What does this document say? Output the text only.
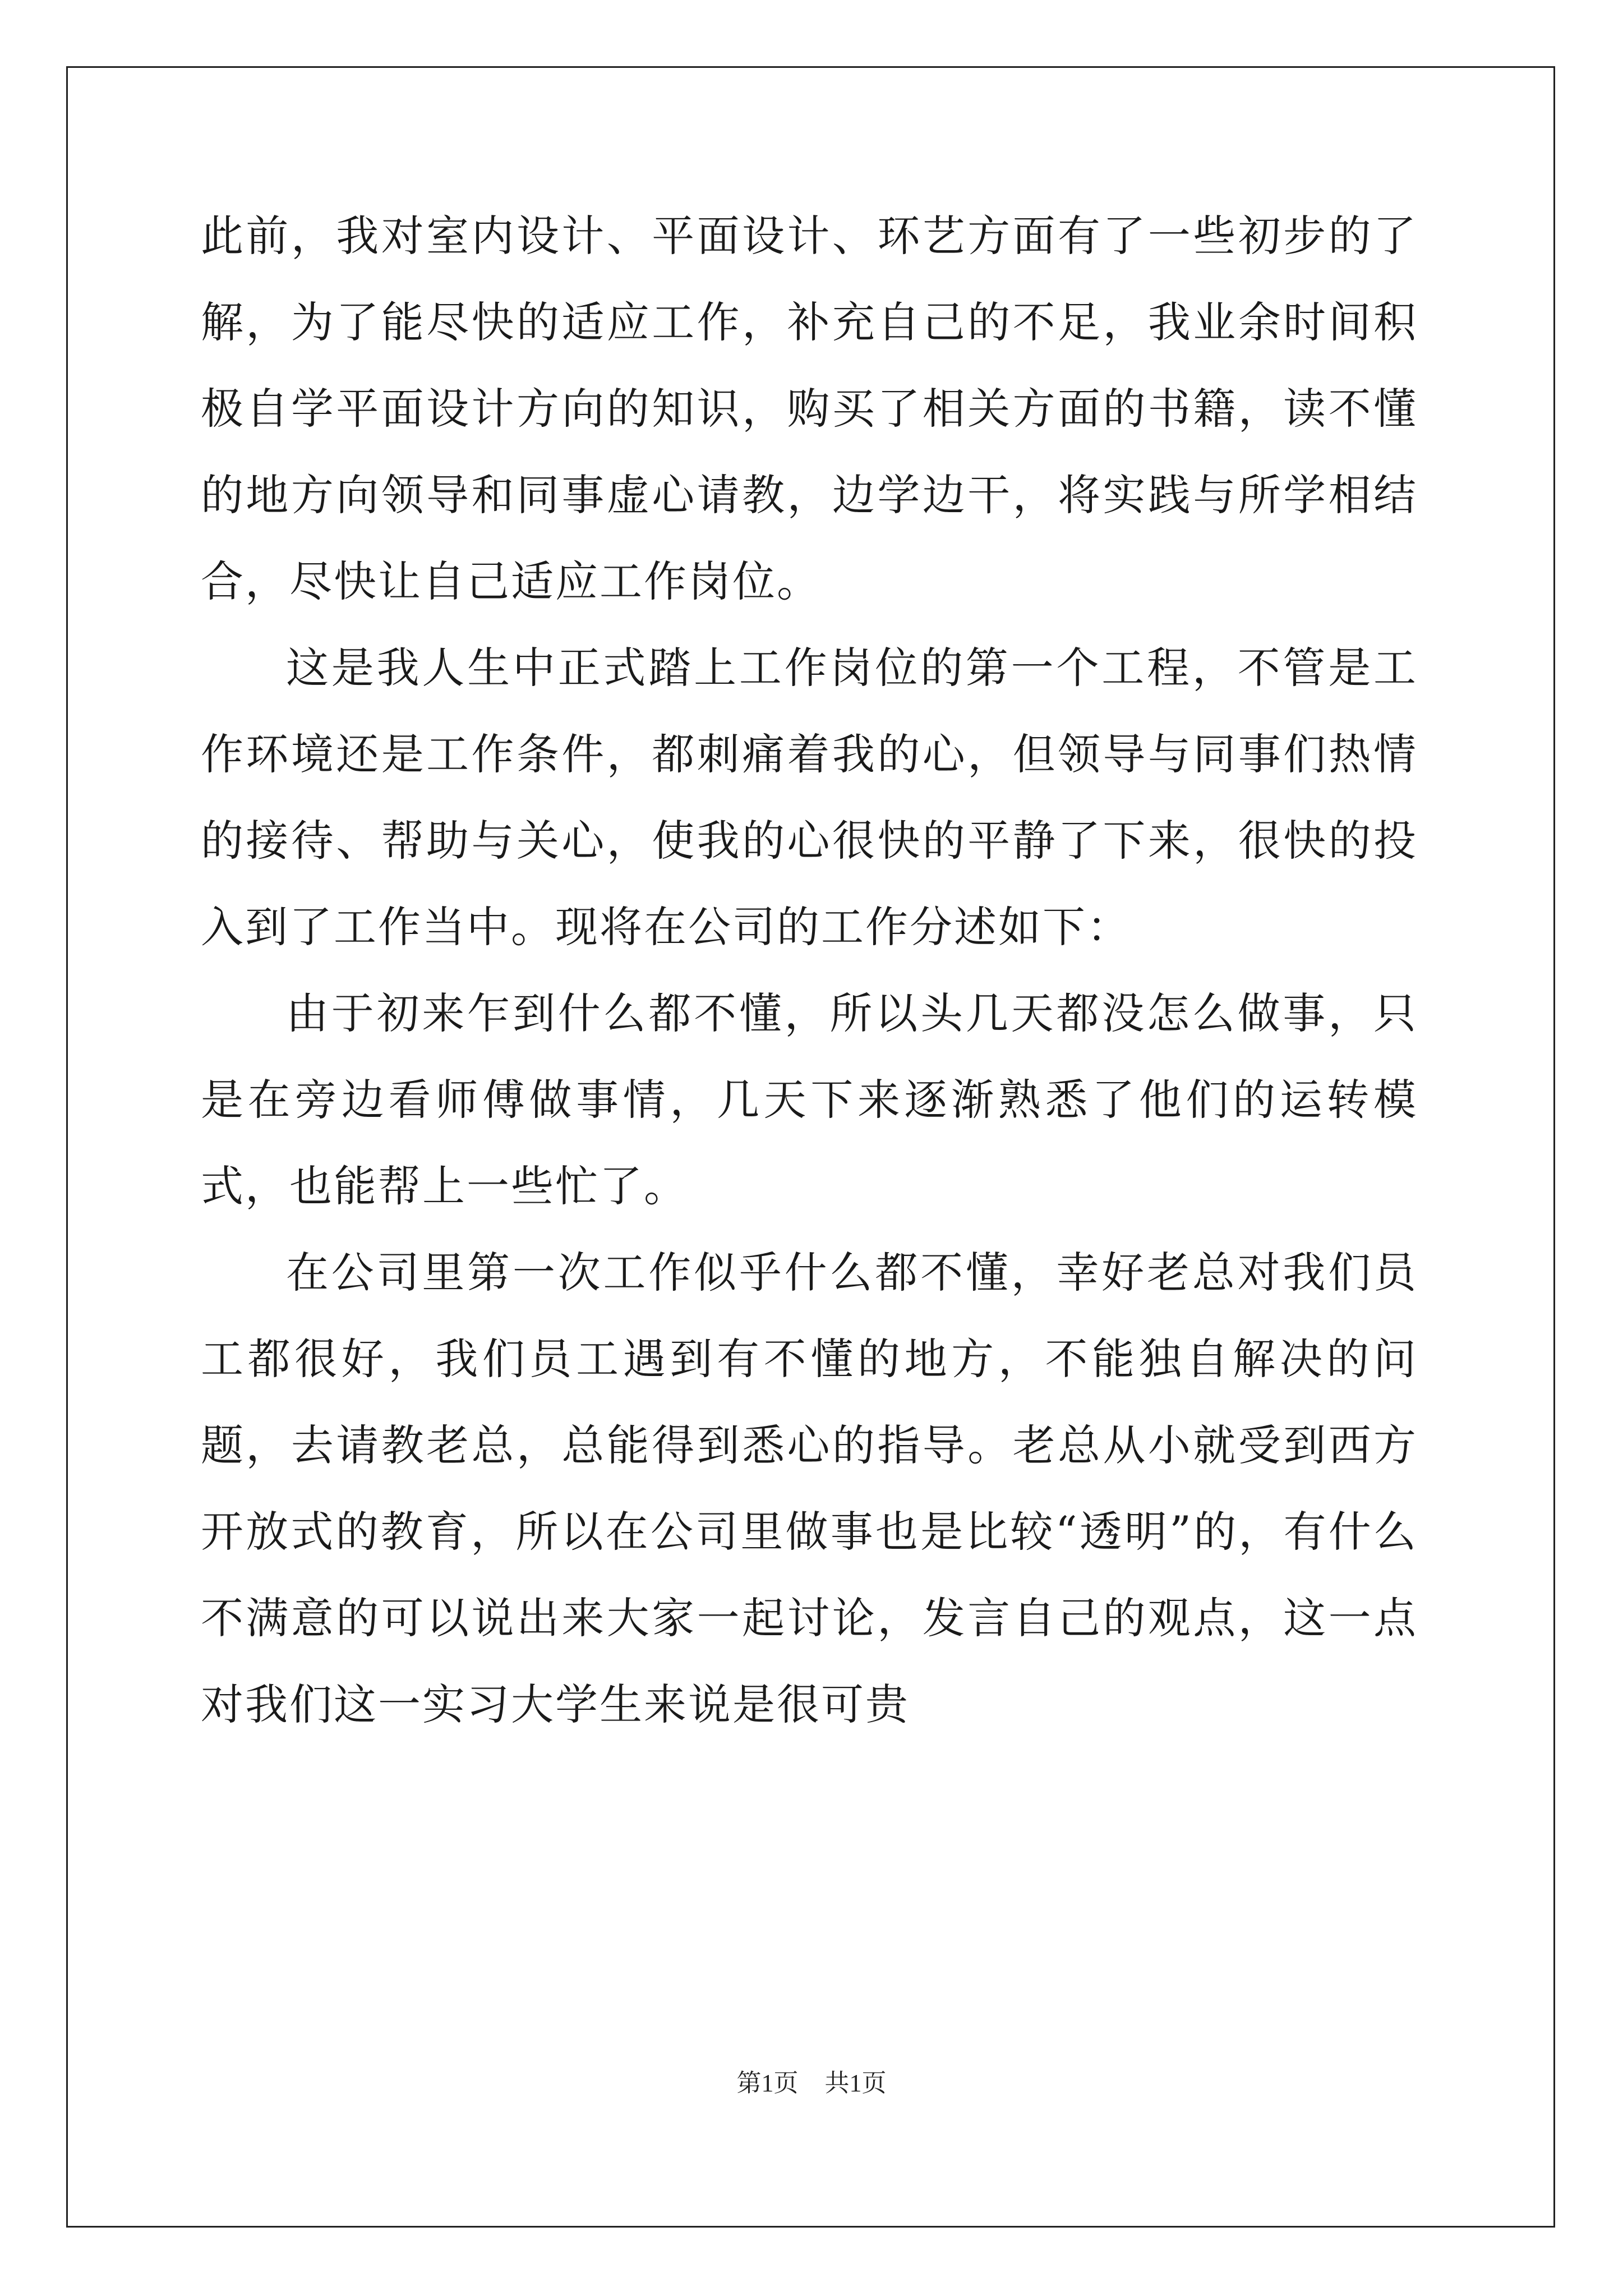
此前，我对室内设计、平面设计、环艺方面有了一些初步的了解，为了能尽快的适应工作，补充自己的不足，我业余时间积极自学平面设计方向的知识，购买了相关方面的书籍，读不懂的地方向领导和同事虚心请教，边学边干，将实践与所学相结合，尽快让自己适应工作岗位。

这是我人生中正式踏上工作岗位的第一个工程，不管是工作环境还是工作条件，都刺痛着我的心，但领导与同事们热情的接待、帮助与关心，使我的心很快的平静了下来，很快的投入到了工作当中。现将在公司的工作分述如下：

由于初来乍到什么都不懂，所以头几天都没怎么做事，只是在旁边看师傅做事情，几天下来逐渐熟悉了他们的运转模式，也能帮上一些忙了。

在公司里第一次工作似乎什么都不懂，幸好老总对我们员工都很好，我们员工遇到有不懂的地方，不能独自解决的问题，去请教老总，总能得到悉心的指导。老总从小就受到西方开放式的教育，所以在公司里做事也是比较“透明”的，有什么不满意的可以说出来大家一起讨论，发言自己的观点，这一点对我们这一实习大学生来说是很可贵

第1页 共1页
